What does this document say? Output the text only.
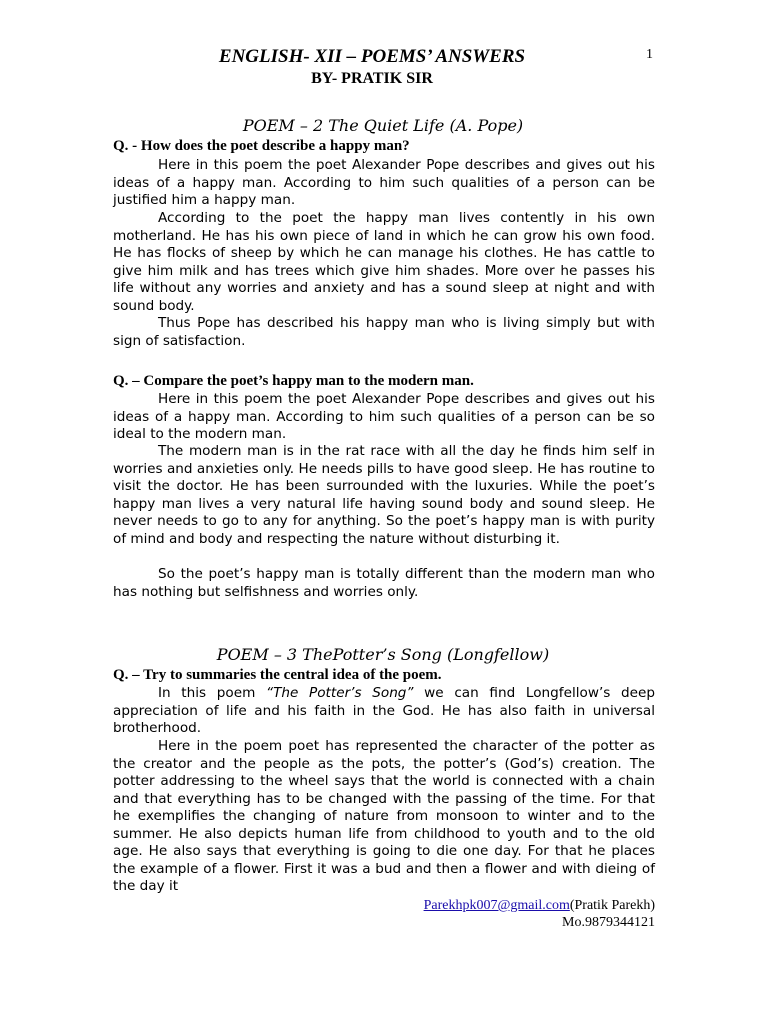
ENGLISH- XII – POEMS’ ANSWERS	1
BY- PRATIK SIR
POEM – 2 The Quiet Life (A. Pope)
Q. - How does the poet describe a happy man?

Here in this poem the poet Alexander Pope describes and gives out his ideas of a happy man. According to him such qualities of a person can be justified him a happy man.

According to the poet the happy man lives contently in his own motherland. He has his own piece of land in which he can grow his own food. He has flocks of sheep by which he can manage his clothes. He has cattle to give him milk and has trees which give him shades. More over he passes his life without any worries and anxiety and has a sound sleep at night and with sound body.

Thus Pope has described his happy man who is living simply but with sign of satisfaction.

Q. – Compare the poet’s happy man to the modern man.

Here in this poem the poet Alexander Pope describes and gives out his ideas of a happy man. According to him such qualities of a person can be so ideal to the modern man.

The modern man is in the rat race with all the day he finds him self in worries and anxieties only. He needs pills to have good sleep. He has routine to visit the doctor. He has been surrounded with the luxuries. While the poet’s happy man lives a very natural life having sound body and sound sleep. He never needs to go to any for anything. So the poet’s happy man is with purity of mind and body and respecting the nature without disturbing it.

So the poet’s happy man is totally different than the modern man who has nothing but selfishness and worries only.

POEM – 3 ThePotter’s Song (Longfellow)
Q. – Try to summaries the central idea of the poem.

In this poem “The Potter’s Song” we can find Longfellow’s deep appreciation of life and his faith in the God. He has also faith in universal brotherhood.

Here in the poem poet has represented the character of the potter as the creator and the people as the pots, the potter’s (God’s) creation. The potter addressing to the wheel says that the world is connected with a chain and that everything has to be changed with the passing of the time. For that he exemplifies the changing of nature from monsoon to winter and to the summer. He also depicts human life from childhood to youth and to the old age. He also says that everything is going to die one day. For that he places the example of a flower. First it was a bud and then a flower and with dieing of the day it

Parekhpk007@gmail.com(Pratik Parekh)
Mo.9879344121
